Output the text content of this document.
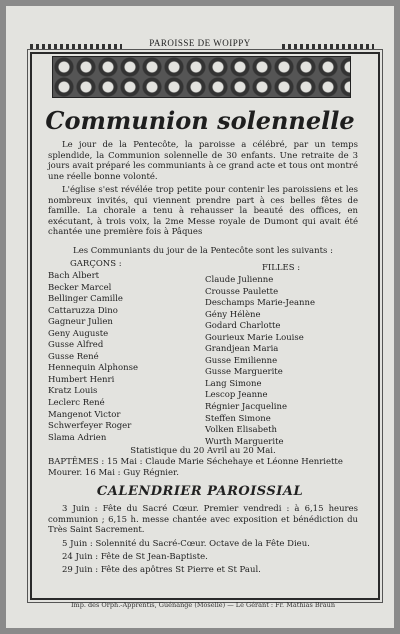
PAROISSE DE WOIPPY
Communion solennelle

Le jour de la Pentecôte, la paroisse a célébré, par un temps splendide, la Communion solennelle de 30 enfants. Une retraite de 3 jours avait préparé les communiants à ce grand acte et tous ont montré une réelle bonne volonté.

L'église s'est révélée trop petite pour contenir les paroissiens et les nombreux invités, qui viennent prendre part à ces belles fêtes de famille. La chorale a tenu à rehausser la beauté des offices, en exécutant, à trois voix, la 2me Messe royale de Dumont qui avait été chantée une première fois à Pâques

Les Communiants du jour de la Pentecôte sont les suivants :
GARÇONS :	FILLES :
Bach Albert
Becker Marcel
Bellinger Camille
Cattaruzza Dino
Gagneur Julien
Geny Auguste
Gusse Alfred
Gusse René
Hennequin Alphonse
Humbert Henri
Kratz Louis
Leclerc René
Mangenot Victor
Schwerfeyer Roger
Slama Adrien
Claude Julienne
Crousse Paulette
Deschamps Marie-Jeanne
Gény Hélène
Godard Charlotte
Gourieux Marie Louise
Grandjean Maria
Gusse Emilienne
Gusse Marguerite
Lang Simone
Lescop Jeanne
Régnier Jacqueline
Steffen Simone
Volken Elisabeth
Wurth Marguerite
Statistique du 20 Avril au 20 Mai.
BAPTÊMES : 15 Mai : Claude Marie Séchehaye et Léonne Henriette Mourer. 16 Mai : Guy Régnier.
CALENDRIER PAROISSIAL
3 Juin : Fête du Sacré Cœur. Premier vendredi : à 6,15 heures communion ; 6,15 h. messe chantée avec exposition et bénédiction du Très Saint Sacrement.
5 Juin : Solennité du Sacré-Cœur. Octave de la Fête Dieu.
24 Juin : Fête de St Jean-Baptiste.
29 Juin : Fête des apôtres St Pierre et St Paul.
Imp. des Orph.-Apprentis, Guénange (Moselle) — Le Gérant : Fr. Mathias Braun
